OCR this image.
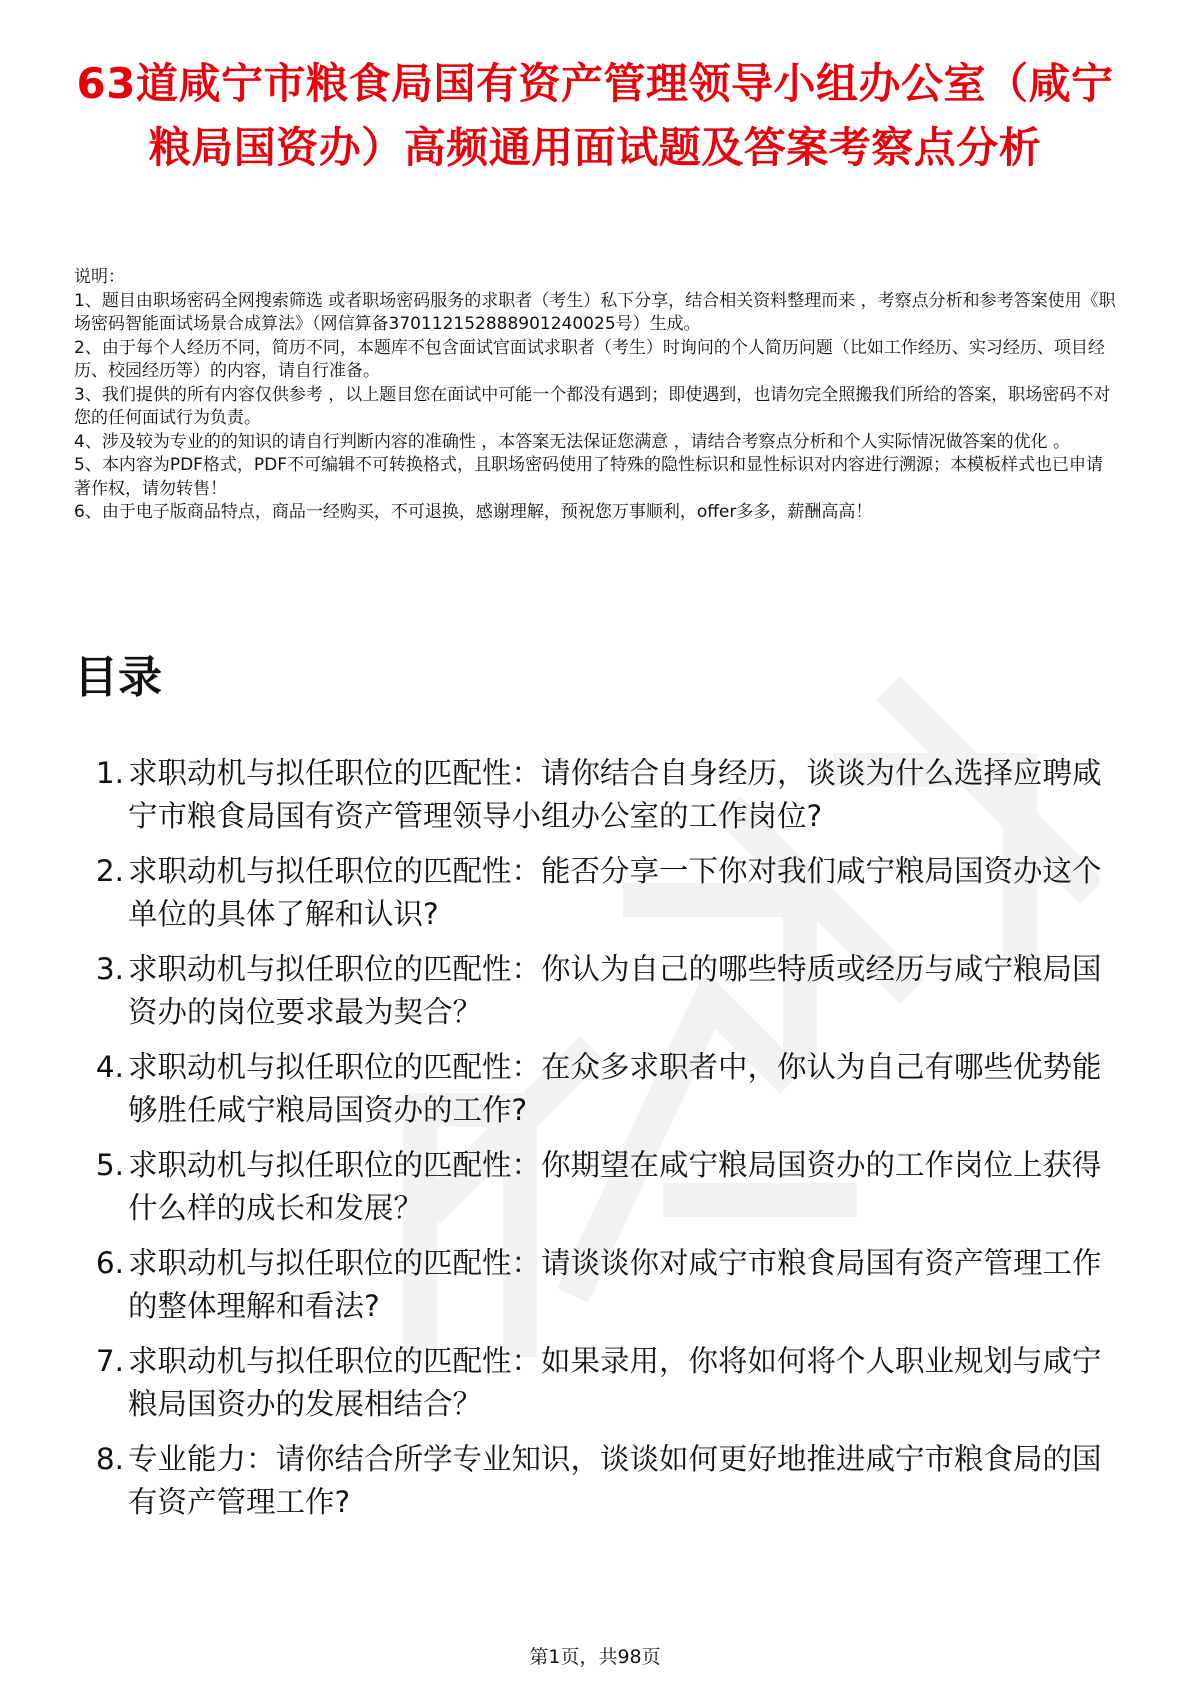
63道咸宁市粮食局国有资产管理领导小组办公室（咸宁粮局国资办）高频通用面试题及答案考察点分析

说明：

1、题目由职场密码全网搜索筛选 或者职场密码服务的求职者（考生）私下分享，结合相关资料整理而来 ，考察点分析和参考答案使用《职场密码智能面试场景合成算法》（网信算备370112152888901240025号）生成。

2、由于每个人经历不同，简历不同，本题库不包含面试官面试求职者（考生）时询问的个人简历问题（比如工作经历、实习经历、项目经历、校园经历等）的内容，请自行准备。

3、我们提供的所有内容仅供参考 ，以上题目您在面试中可能一个都没有遇到；即使遇到，也请勿完全照搬我们所给的答案，职场密码不对您的任何面试行为负责。

4、涉及较为专业的的知识的请自行判断内容的准确性 ，本答案无法保证您满意 ，请结合考察点分析和个人实际情况做答案的优化 。

5、本内容为PDF格式，PDF不可编辑不可转换格式，且职场密码使用了特殊的隐性标识和显性标识对内容进行溯源；本模板样式也已申请著作权，请勿转售！

6、由于电子版商品特点，商品一经购买，不可退换，感谢理解，预祝您万事顺利，offer多多，薪酬高高！

目录
1. 求职动机与拟任职位的匹配性：请你结合自身经历，谈谈为什么选择应聘咸宁市粮食局国有资产管理领导小组办公室的工作岗位?
2. 求职动机与拟任职位的匹配性：能否分享一下你对我们咸宁粮局国资办这个单位的具体了解和认识?
3. 求职动机与拟任职位的匹配性：你认为自己的哪些特质或经历与咸宁粮局国资办的岗位要求最为契合？
4. 求职动机与拟任职位的匹配性：在众多求职者中，你认为自己有哪些优势能够胜任咸宁粮局国资办的工作?
5. 求职动机与拟任职位的匹配性：你期望在咸宁粮局国资办的工作岗位上获得什么样的成长和发展？
6. 求职动机与拟任职位的匹配性：请谈谈你对咸宁市粮食局国有资产管理工作的整体理解和看法?
7. 求职动机与拟任职位的匹配性：如果录用，你将如何将个人职业规划与咸宁粮局国资办的发展相结合？
8. 专业能力：请你结合所学专业知识，谈谈如何更好地推进咸宁市粮食局的国有资产管理工作?
第1页，共98页
